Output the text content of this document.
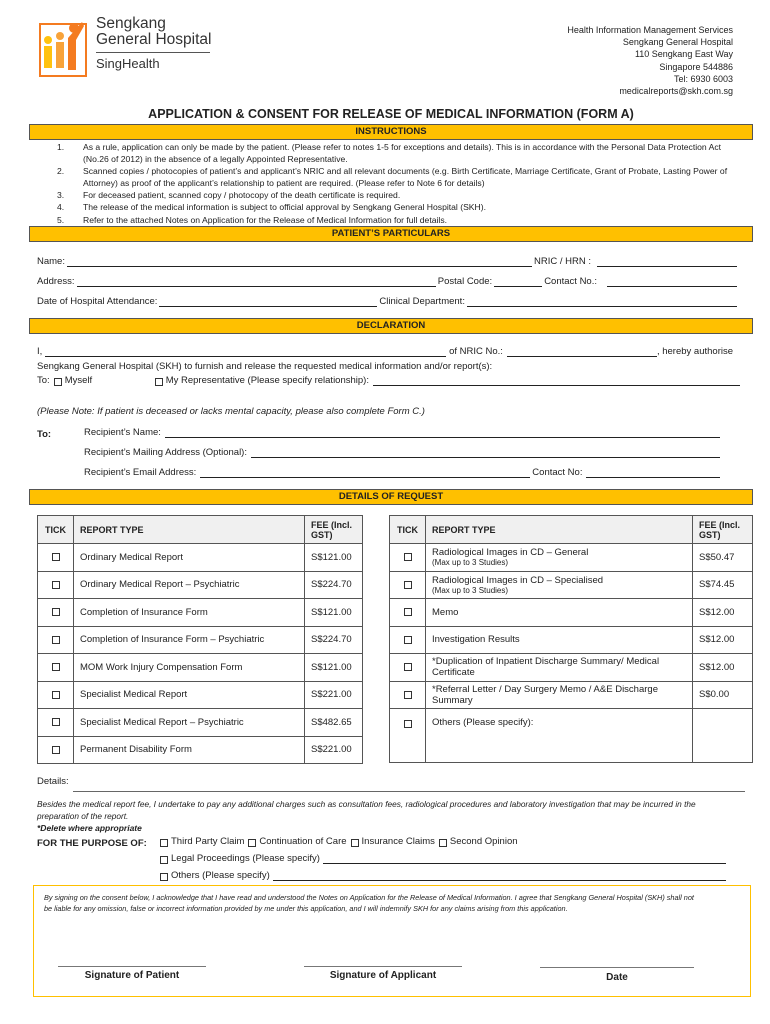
Sengkang
General Hospital
SingHealth
Health Information Management Services
Sengkang General Hospital
110 Sengkang East Way
Singapore 544886
Tel: 6930 6003
medicalreports@skh.com.sg
APPLICATION & CONSENT FOR RELEASE OF MEDICAL INFORMATION (FORM A)
INSTRUCTIONS
1.	As a rule, application can only be made by the patient. (Please refer to notes 1-5 for exceptions and details). This is in accordance with the Personal Data Protection Act (No.26 of 2012) in the absence of a legally Appointed Representative.
2.	Scanned copies / photocopies of patient’s and applicant’s NRIC and all relevant documents (e.g. Birth Certificate, Marriage Certificate, Grant of Probate, Lasting Power of Attorney) as proof of the applicant’s relationship to patient are required. (Please refer to Note 6 for details)
3.	For deceased patient, scanned copy / photocopy of the death certificate is required.
4.	The release of the medical information is subject to official approval by Sengkang General Hospital (SKH).
5.	Refer to the attached Notes on Application for the Release of Medical Information for full details.
PATIENT’S PARTICULARS
Name:	NRIC / HRN :
Address:	Postal Code:	Contact No.:
Date of Hospital Attendance:	Clinical Department:
DECLARATION
I,	of NRIC No.:	, hereby authorise
Sengkang General Hospital (SKH) to furnish and release the requested medical information and/or report(s):
To: Myself	My Representative (Please specify relationship):
(Please Note: If patient is deceased or lacks mental capacity, please also complete Form C.)
To:	Recipient’s Name:
Recipient’s Mailing Address (Optional):
Recipient’s Email Address:	Contact No:
DETAILS OF REQUEST
TICK	REPORT TYPE	FEE (Incl. GST)
	Ordinary Medical Report	S$121.00
	Ordinary Medical Report – Psychiatric	S$224.70
	Completion of Insurance Form	S$121.00
	Completion of Insurance Form – Psychiatric	S$224.70
	MOM Work Injury Compensation Form	S$121.00
	Specialist Medical Report	S$221.00
	Specialist Medical Report – Psychiatric	S$482.65
	Permanent Disability Form	S$221.00
TICK	REPORT TYPE	FEE (Incl. GST)
	Radiological Images in CD – General
(Max up to 3 Studies)	S$50.47
	Radiological Images in CD – Specialised
(Max up to 3 Studies)	S$74.45
	Memo	S$12.00
	Investigation Results	S$12.00
	*Duplication of Inpatient Discharge Summary/ Medical Certificate	S$12.00
	*Referral Letter / Day Surgery Memo / A&E Discharge Summary	S$0.00
	Others (Please specify):	
Details:
Besides the medical report fee, I undertake to pay any additional charges such as consultation fees, radiological procedures and laboratory investigation that may be incurred in the preparation of the report.
*Delete where appropriate
FOR THE PURPOSE OF:	Third Party Claim Continuation of Care Insurance Claims Second Opinion
Legal Proceedings (Please specify)
Others (Please specify)
By signing on the consent below, I acknowledge that I have read and understood the Notes on Application for the Release of Medical Information. I agree that Sengkang General Hospital (SKH) shall not be liable for any omission, false or incorrect information provided by me under this application, and I will indemnify SKH for any claims arising from this application.
Signature of Patient	Signature of Applicant	Date
